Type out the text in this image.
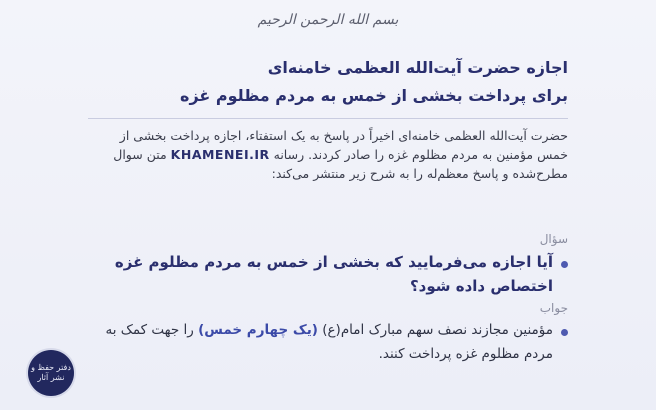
بسم الله الرحمن الرحیم
اجازه حضرت آیت‌الله العظمی خامنه‌ای
برای پرداخت بخشی از خمس به مردم مظلوم غزه
حضرت آیت‌الله العظمی خامنه‌ای اخیراً در پاسخ به یک استفتاء، اجازه پرداخت بخشی از خمس مؤمنین به مردم مظلوم غزه را صادر کردند. رسانه KHAMENEI.IR متن سوال مطرح‌شده و پاسخ معظم‌له را به شرح زیر منتشر می‌کند:
سؤال
آیا اجازه می‌فرمایید که بخشی از خمس به مردم مظلوم غزه اختصاص داده شود؟
جواب
مؤمنین مجازند نصف سهم مبارک امام(ع) (یک چهارم خمس) را جهت کمک به مردم مظلوم غزه پرداخت کنند.
دفتر حفظ و نشر آثار
